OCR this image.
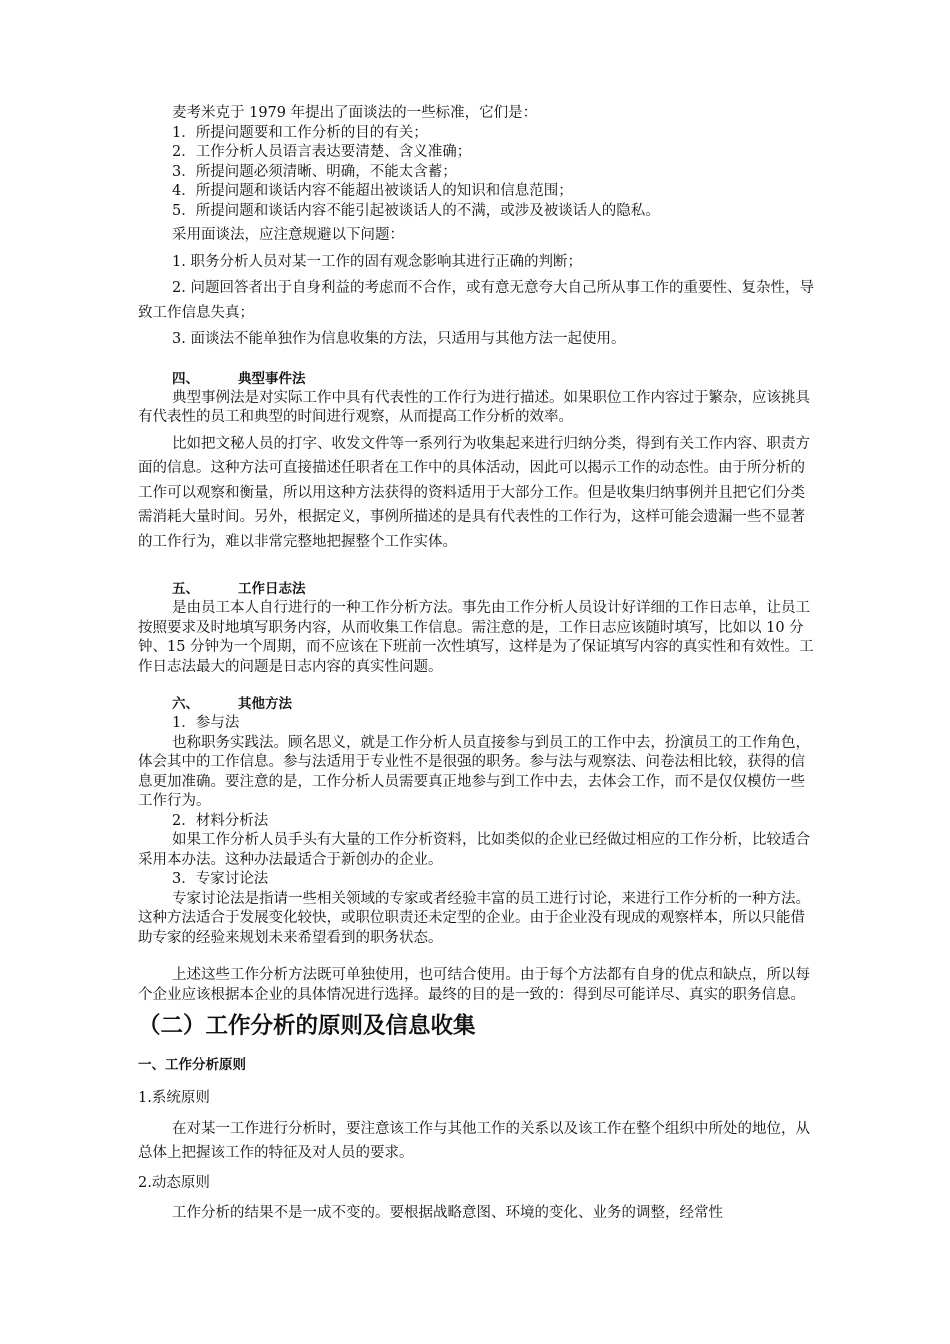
麦考米克于 1979 年提出了面谈法的一些标准，它们是：

1．所提问题要和工作分析的目的有关；

2．工作分析人员语言表达要清楚、含义准确；

3．所提问题必须清晰、明确，不能太含蓄；

4．所提问题和谈话内容不能超出被谈话人的知识和信息范围；

5．所提问题和谈话内容不能引起被谈话人的不满，或涉及被谈话人的隐私。

采用面谈法，应注意规避以下问题：

1. 职务分析人员对某一工作的固有观念影响其进行正确的判断；

2. 问题回答者出于自身利益的考虑而不合作，或有意无意夸大自己所从事工作的重要性、复杂性，导致工作信息失真；

3. 面谈法不能单独作为信息收集的方法，只适用与其他方法一起使用。

四、	典型事件法

典型事例法是对实际工作中具有代表性的工作行为进行描述。如果职位工作内容过于繁杂，应该挑具有代表性的员工和典型的时间进行观察，从而提高工作分析的效率。

比如把文秘人员的打字、收发文件等一系列行为收集起来进行归纳分类，得到有关工作内容、职责方面的信息。这种方法可直接描述任职者在工作中的具体活动，因此可以揭示工作的动态性。由于所分析的工作可以观察和衡量，所以用这种方法获得的资料适用于大部分工作。但是收集归纳事例并且把它们分类需消耗大量时间。另外，根据定义，事例所描述的是具有代表性的工作行为，这样可能会遗漏一些不显著的工作行为，难以非常完整地把握整个工作实体。

五、	工作日志法

是由员工本人自行进行的一种工作分析方法。事先由工作分析人员设计好详细的工作日志单，让员工按照要求及时地填写职务内容，从而收集工作信息。需注意的是，工作日志应该随时填写，比如以 10 分钟、15 分钟为一个周期，而不应该在下班前一次性填写，这样是为了保证填写内容的真实性和有效性。工作日志法最大的问题是日志内容的真实性问题。

六、	其他方法

1．参与法

也称职务实践法。顾名思义，就是工作分析人员直接参与到员工的工作中去，扮演员工的工作角色，体会其中的工作信息。参与法适用于专业性不是很强的职务。参与法与观察法、问卷法相比较，获得的信息更加准确。要注意的是，工作分析人员需要真正地参与到工作中去，去体会工作，而不是仅仅模仿一些工作行为。

2．材料分析法

如果工作分析人员手头有大量的工作分析资料，比如类似的企业已经做过相应的工作分析，比较适合采用本办法。这种办法最适合于新创办的企业。

3．专家讨论法

专家讨论法是指请一些相关领域的专家或者经验丰富的员工进行讨论，来进行工作分析的一种方法。这种方法适合于发展变化较快，或职位职责还未定型的企业。由于企业没有现成的观察样本，所以只能借助专家的经验来规划未来希望看到的职务状态。

上述这些工作分析方法既可单独使用，也可结合使用。由于每个方法都有自身的优点和缺点，所以每个企业应该根据本企业的具体情况进行选择。最终的目的是一致的：得到尽可能详尽、真实的职务信息。

（二）工作分析的原则及信息收集
一、工作分析原则

1.系统原则

在对某一工作进行分析时，要注意该工作与其他工作的关系以及该工作在整个组织中所处的地位，从总体上把握该工作的特征及对人员的要求。

2.动态原则

工作分析的结果不是一成不变的。要根据战略意图、环境的变化、业务的调整，经常性
